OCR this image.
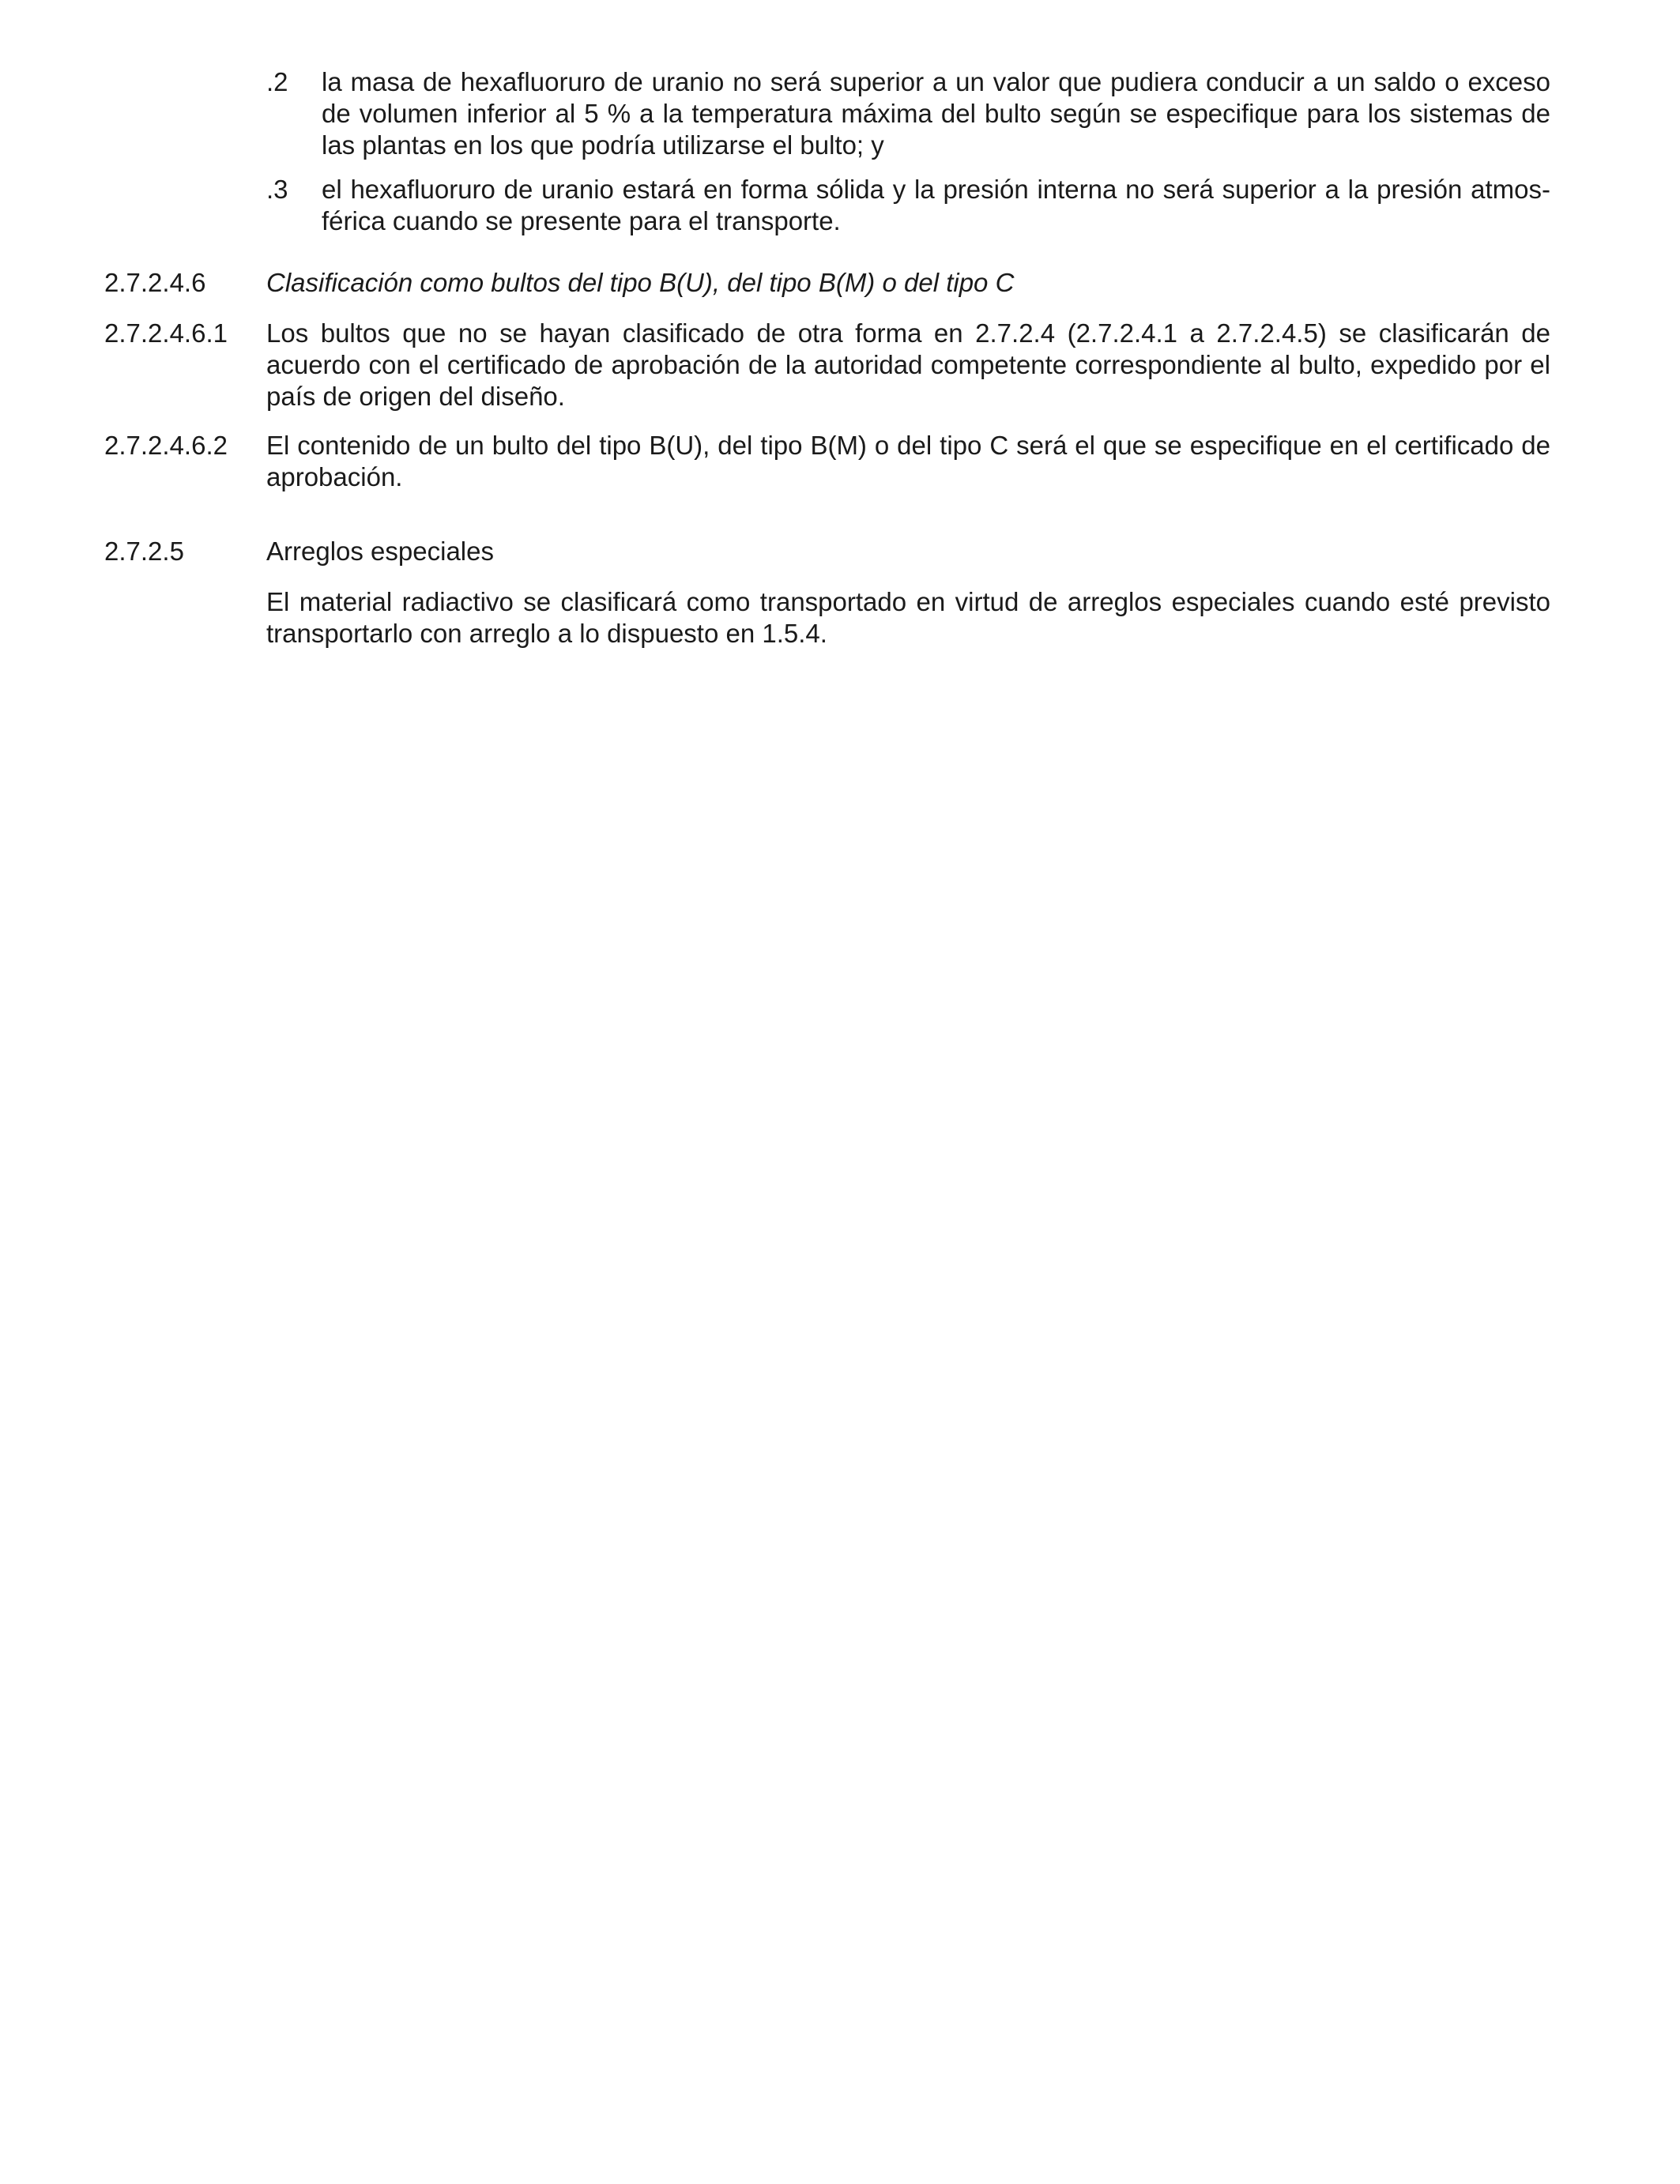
.2	la masa de hexafluoruro de uranio no será superior a un valor que pudiera conducir a un saldo o exceso de volumen inferior al 5 % a la temperatura máxima del bulto según se especifique para los sistemas de las plantas en los que podría utilizarse el bulto; y
.3	el hexafluoruro de uranio estará en forma sólida y la presión interna no será superior a la presión atmos-férica cuando se presente para el transporte.
2.7.2.4.6	Clasificación como bultos del tipo B(U), del tipo B(M) o del tipo C
2.7.2.4.6.1	Los bultos que no se hayan clasificado de otra forma en 2.7.2.4 (2.7.2.4.1 a 2.7.2.4.5) se clasificarán de acuerdo con el certificado de aprobación de la autoridad competente correspondiente al bulto, expedido por el país de origen del diseño.
2.7.2.4.6.2	El contenido de un bulto del tipo B(U), del tipo B(M) o del tipo C será el que se especifique en el certificado de aprobación.
2.7.2.5	Arreglos especiales
El material radiactivo se clasificará como transportado en virtud de arreglos especiales cuando esté previsto transportarlo con arreglo a lo dispuesto en 1.5.4.
